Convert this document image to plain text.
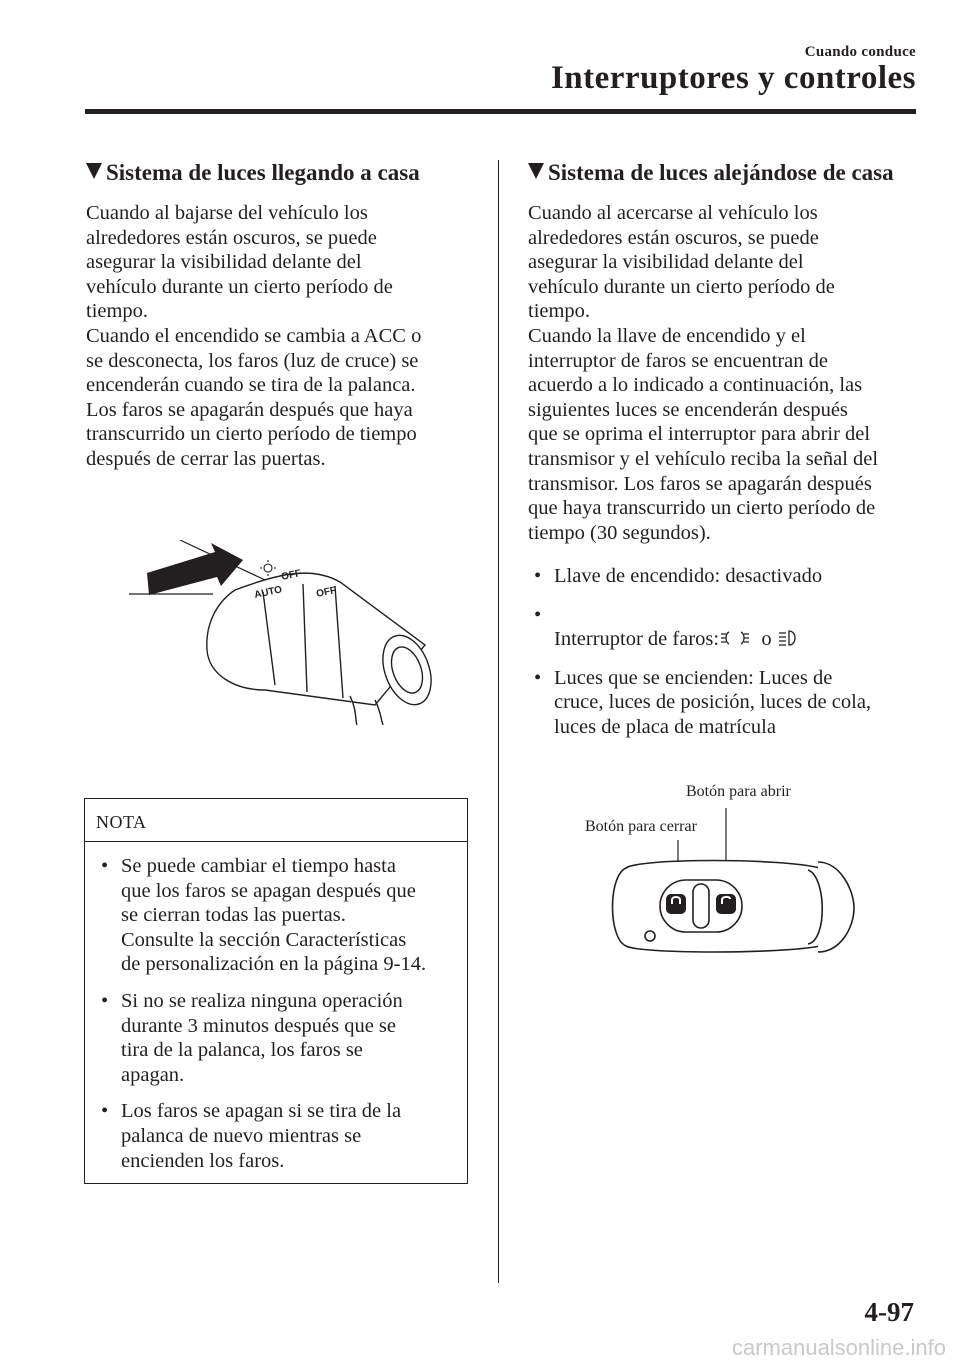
Cuando conduce
Interruptores y controles
Sistema de luces llegando a casa
Cuando al bajarse del vehículo los
alrededores están oscuros, se puede
asegurar la visibilidad delante del
vehículo durante un cierto período de
tiempo.
Cuando el encendido se cambia a ACC o
se desconecta, los faros (luz de cruce) se
encenderán cuando se tira de la palanca.
Los faros se apagarán después que haya
transcurrido un cierto período de tiempo
después de cerrar las puertas.
OFF
AUTO	OFF
NOTA
• Se puede cambiar el tiempo hasta
que los faros se apagan después que
se cierran todas las puertas.
Consulte la sección Características
de personalización en la página 9-14.
• Si no se realiza ninguna operación
durante 3 minutos después que se
tira de la palanca, los faros se
apagan.
• Los faros se apagan si se tira de la
palanca de nuevo mientras se
encienden los faros.
Sistema de luces alejándose de casa
Cuando al acercarse al vehículo los
alrededores están oscuros, se puede
asegurar la visibilidad delante del
vehículo durante un cierto período de
tiempo.
Cuando la llave de encendido y el
interruptor de faros se encuentran de
acuerdo a lo indicado a continuación, las
siguientes luces se encenderán después
que se oprima el interruptor para abrir del
transmisor y el vehículo reciba la señal del
transmisor. Los faros se apagarán después
que haya transcurrido un cierto período de
tiempo (30 segundos).
• Llave de encendido: desactivado

• Interruptor de faros: o

• Luces que se encienden: Luces de
cruce, luces de posición, luces de cola,
luces de placa de matrícula
Botón para abrir
Botón para cerrar
4-97
carmanualsonline.info
